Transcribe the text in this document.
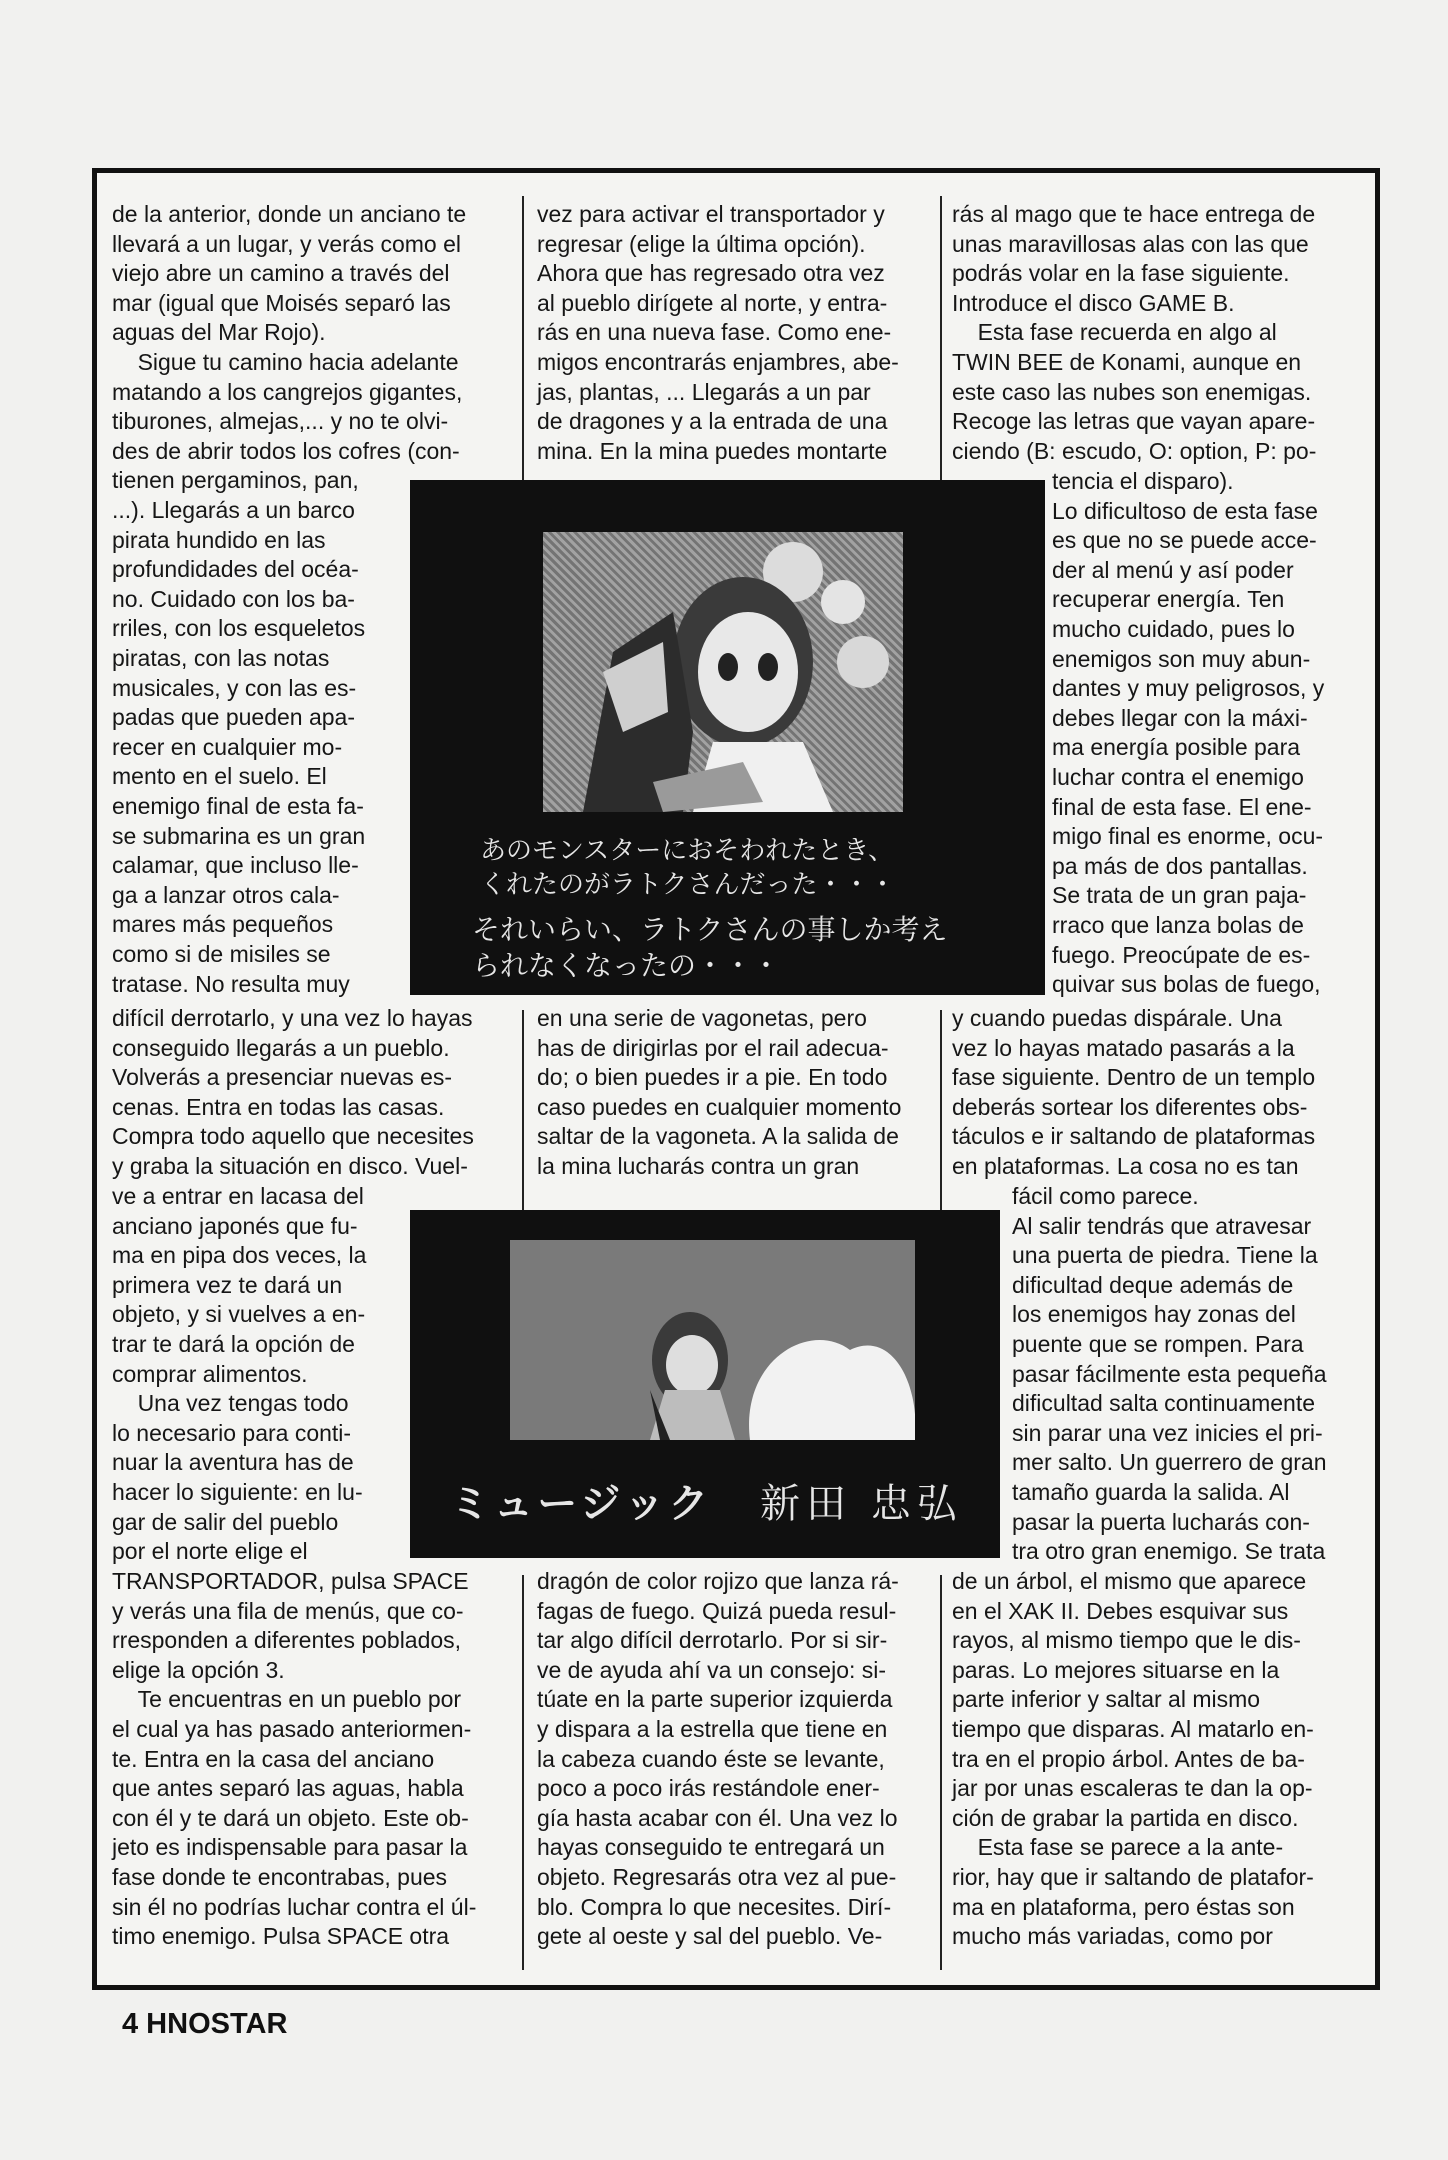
de la anterior, donde un anciano te

llevará a un lugar, y verás como el

viejo abre un camino a través del

mar (igual que Moisés separó las

aguas del Mar Rojo).

Sigue tu camino hacia adelante

matando a los cangrejos gigantes,

tiburones, almejas,... y no te olvi-

des de abrir todos los cofres (con-

tienen pergaminos, pan,

...). Llegarás a un barco

pirata hundido en las

profundidades del océa-

no. Cuidado con los ba-

rriles, con los esqueletos

piratas, con las notas

musicales, y con las es-

padas que pueden apa-

recer en cualquier mo-

mento en el suelo. El

enemigo final de esta fa-

se submarina es un gran

calamar, que incluso lle-

ga a lanzar otros cala-

mares más pequeños

como si de misiles se

tratase. No resulta muy

difícil derrotarlo, y una vez lo hayas

conseguido llegarás a un pueblo.

Volverás a presenciar nuevas es-

cenas. Entra en todas las casas.

Compra todo aquello que necesites

y graba la situación en disco. Vuel-

ve a entrar en lacasa del

anciano japonés que fu-

ma en pipa dos veces, la

primera vez te dará un

objeto, y si vuelves a en-

trar te dará la opción de

comprar alimentos.

Una vez tengas todo

lo necesario para conti-

nuar la aventura has de

hacer lo siguiente: en lu-

gar de salir del pueblo

por el norte elige el

TRANSPORTADOR, pulsa SPACE

y verás una fila de menús, que co-

rresponden a diferentes poblados,

elige la opción 3.

Te encuentras en un pueblo por

el cual ya has pasado anteriormen-

te. Entra en la casa del anciano

que antes separó las aguas, habla

con él y te dará un objeto. Este ob-

jeto es indispensable para pasar la

fase donde te encontrabas, pues

sin él no podrías luchar contra el úl-

timo enemigo. Pulsa SPACE otra

vez para activar el transportador y

regresar (elige la última opción).

Ahora que has regresado otra vez

al pueblo dirígete al norte, y entra-

rás en una nueva fase. Como ene-

migos encontrarás enjambres, abe-

jas, plantas, ... Llegarás a un par

de dragones y a la entrada de una

mina. En la mina puedes montarte

en una serie de vagonetas, pero

has de dirigirlas por el rail adecua-

do; o bien puedes ir a pie. En todo

caso puedes en cualquier momento

saltar de la vagoneta. A la salida de

la mina lucharás contra un gran

dragón de color rojizo que lanza rá-

fagas de fuego. Quizá pueda resul-

tar algo difícil derrotarlo. Por si sir-

ve de ayuda ahí va un consejo: si-

túate en la parte superior izquierda

y dispara a la estrella que tiene en

la cabeza cuando éste se levante,

poco a poco irás restándole ener-

gía hasta acabar con él. Una vez lo

hayas conseguido te entregará un

objeto. Regresarás otra vez al pue-

blo. Compra lo que necesites. Dirí-

gete al oeste y sal del pueblo. Ve-

rás al mago que te hace entrega de

unas maravillosas alas con las que

podrás volar en la fase siguiente.

Introduce el disco GAME B.

Esta fase recuerda en algo al

TWIN BEE de Konami, aunque en

este caso las nubes son enemigas.

Recoge las letras que vayan apare-

ciendo (B: escudo, O: option, P: po-

tencia el disparo).

Lo dificultoso de esta fase

es que no se puede acce-

der al menú y así poder

recuperar energía. Ten

mucho cuidado, pues lo

enemigos son muy abun-

dantes y muy peligrosos, y

debes llegar con la máxi-

ma energía posible para

luchar contra el enemigo

final de esta fase. El ene-

migo final es enorme, ocu-

pa más de dos pantallas.

Se trata de un gran paja-

rraco que lanza bolas de

fuego. Preocúpate de es-

quivar sus bolas de fuego,

y cuando puedas dispárale. Una

vez lo hayas matado pasarás a la

fase siguiente. Dentro de un templo

deberás sortear los diferentes obs-

táculos e ir saltando de plataformas

en plataformas. La cosa no es tan

fácil como parece.

Al salir tendrás que atravesar

una puerta de piedra. Tiene la

dificultad deque además de

los enemigos hay zonas del

puente que se rompen. Para

pasar fácilmente esta pequeña

dificultad salta continuamente

sin parar una vez inicies el pri-

mer salto. Un guerrero de gran

tamaño guarda la salida. Al

pasar la puerta lucharás con-

tra otro gran enemigo. Se trata

de un árbol, el mismo que aparece

en el XAK II. Debes esquivar sus

rayos, al mismo tiempo que le dis-

paras. Lo mejores situarse en la

parte inferior y saltar al mismo

tiempo que disparas. Al matarlo en-

tra en el propio árbol. Antes de ba-

jar por unas escaleras te dan la op-

ción de grabar la partida en disco.

Esta fase se parece a la ante-

rior, hay que ir saltando de platafor-

ma en plataforma, pero éstas son

mucho más variadas, como por

あのモンスターにおそわれたとき、
くれたのがラトクさんだった・・・
それいらい、ラトクさんの事しか考え
られなくなったの・・・
ミュージック 新田 忠弘
4 HNOSTAR
